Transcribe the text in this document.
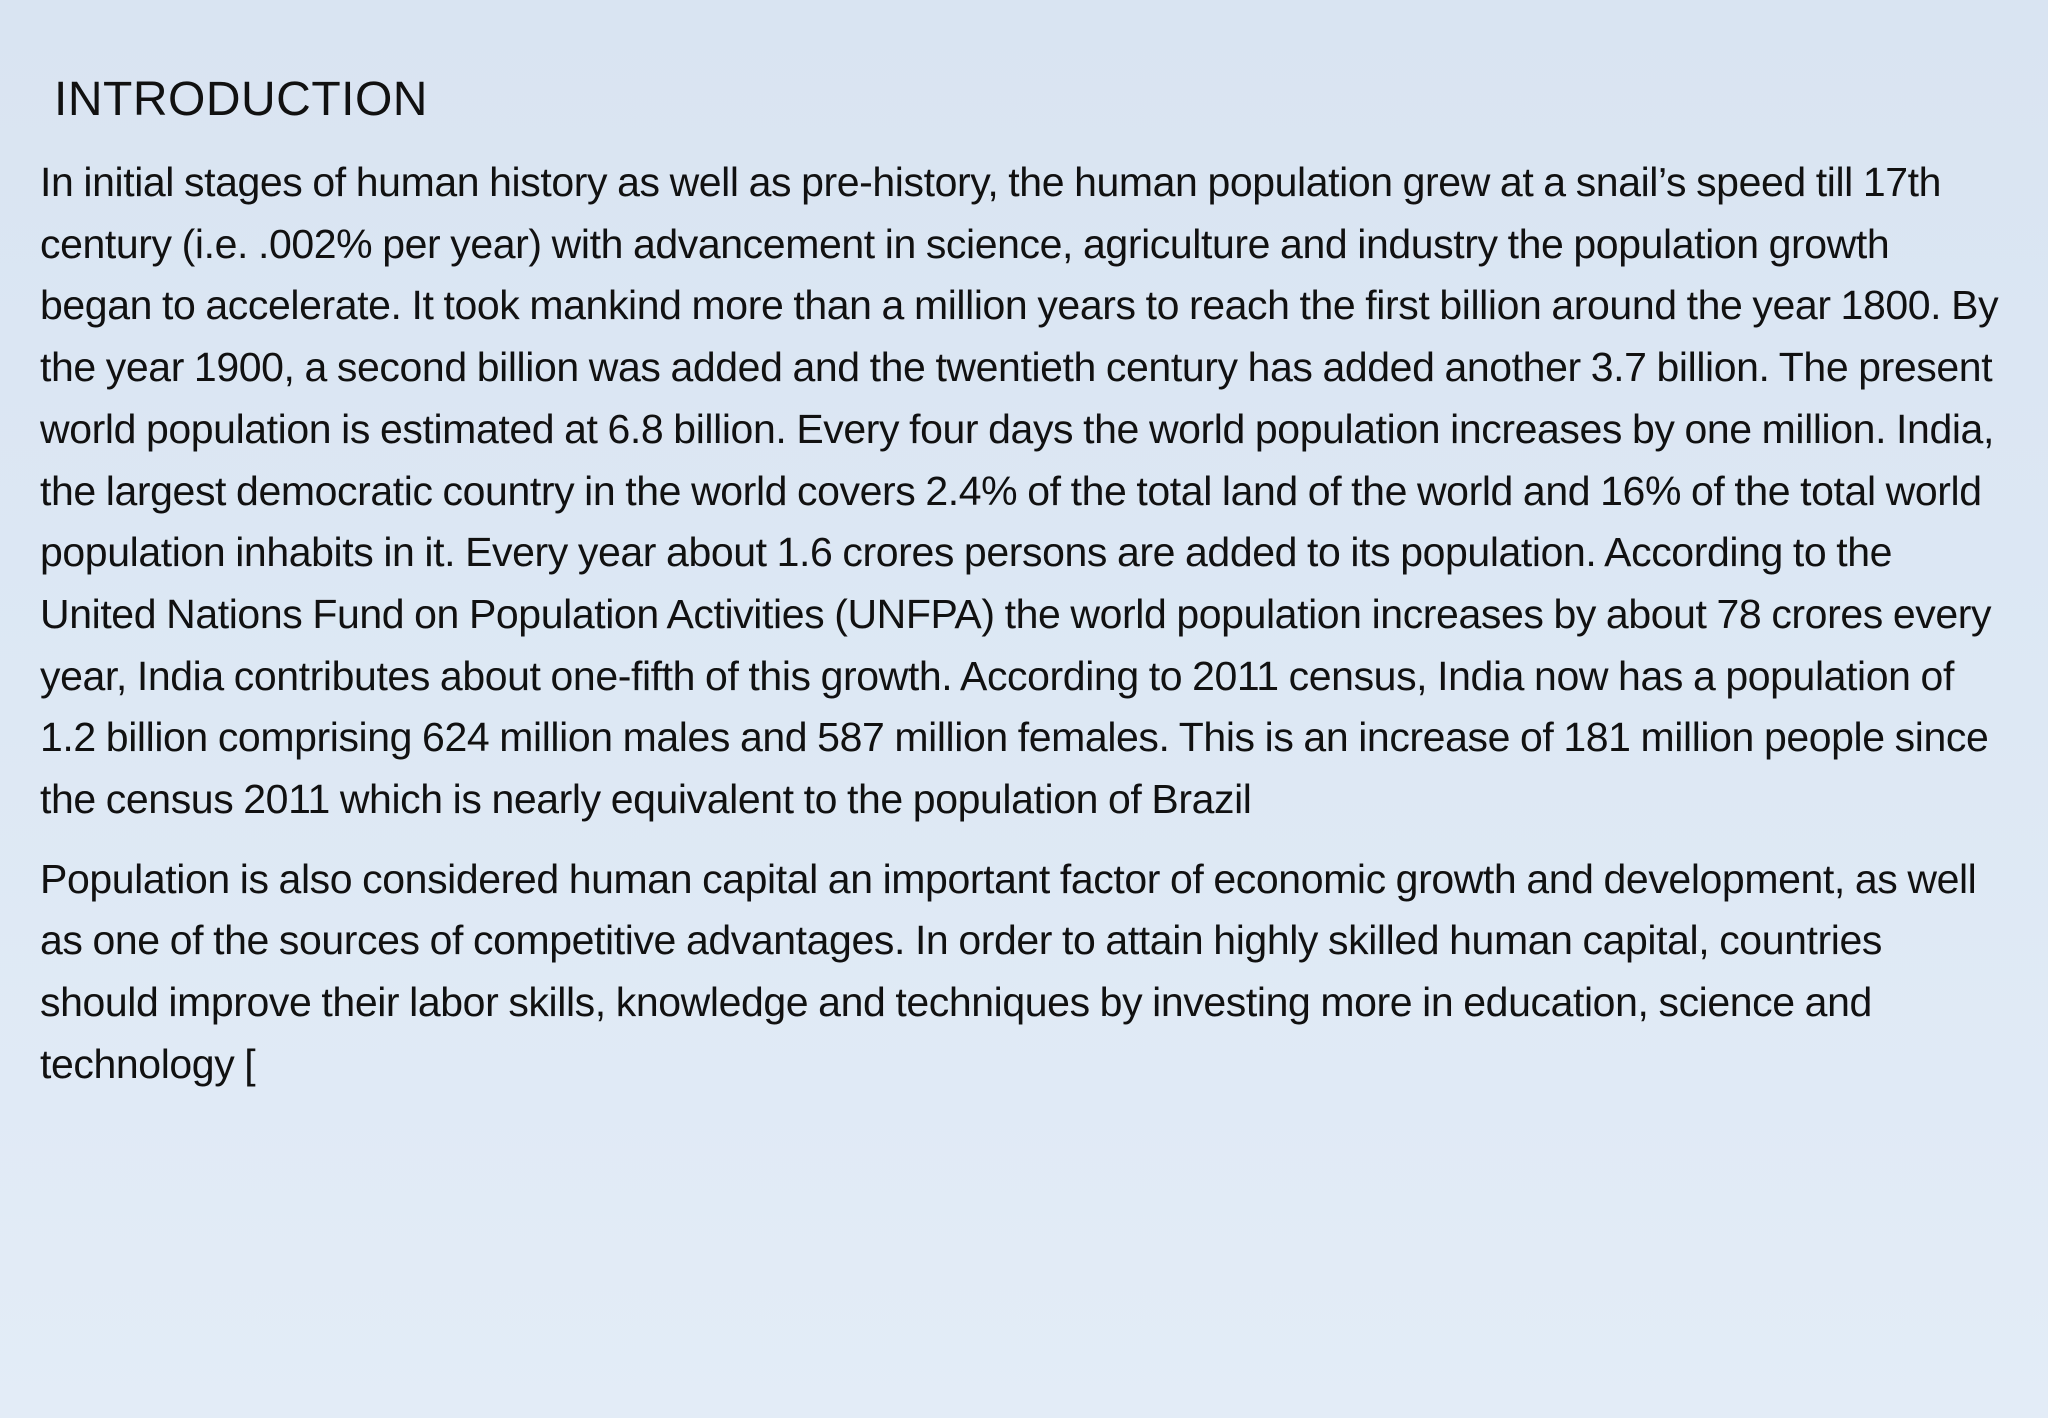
INTRODUCTION

In initial stages of human history as well as pre-history, the human population grew at a snail’s speed till 17th century (i.e. .002% per year) with advancement in science, agriculture and industry the population growth began to accelerate. It took mankind more than a million years to reach the first billion around the year 1800. By the year 1900, a second billion was added and the twentieth century has added another 3.7 billion. The present world population is estimated at 6.8 billion. Every four days the world population increases by one million. India, the largest democratic country in the world covers 2.4% of the total land of the world and 16% of the total world population inhabits in it. Every year about 1.6 crores persons are added to its population. According to the United Nations Fund on Population Activities (UNFPA) the world population increases by about 78 crores every year, India contributes about one-fifth of this growth. According to 2011 census, India now has a population of 1.2 billion comprising 624 million males and 587 million females. This is an increase of 181 million people since the census 2011 which is nearly equivalent to the population of Brazil

Population is also considered human capital an important factor of economic growth and development, as well as one of the sources of competitive advantages. In order to attain highly skilled human capital, countries should improve their labor skills, knowledge and techniques by investing more in education, science and technology [
